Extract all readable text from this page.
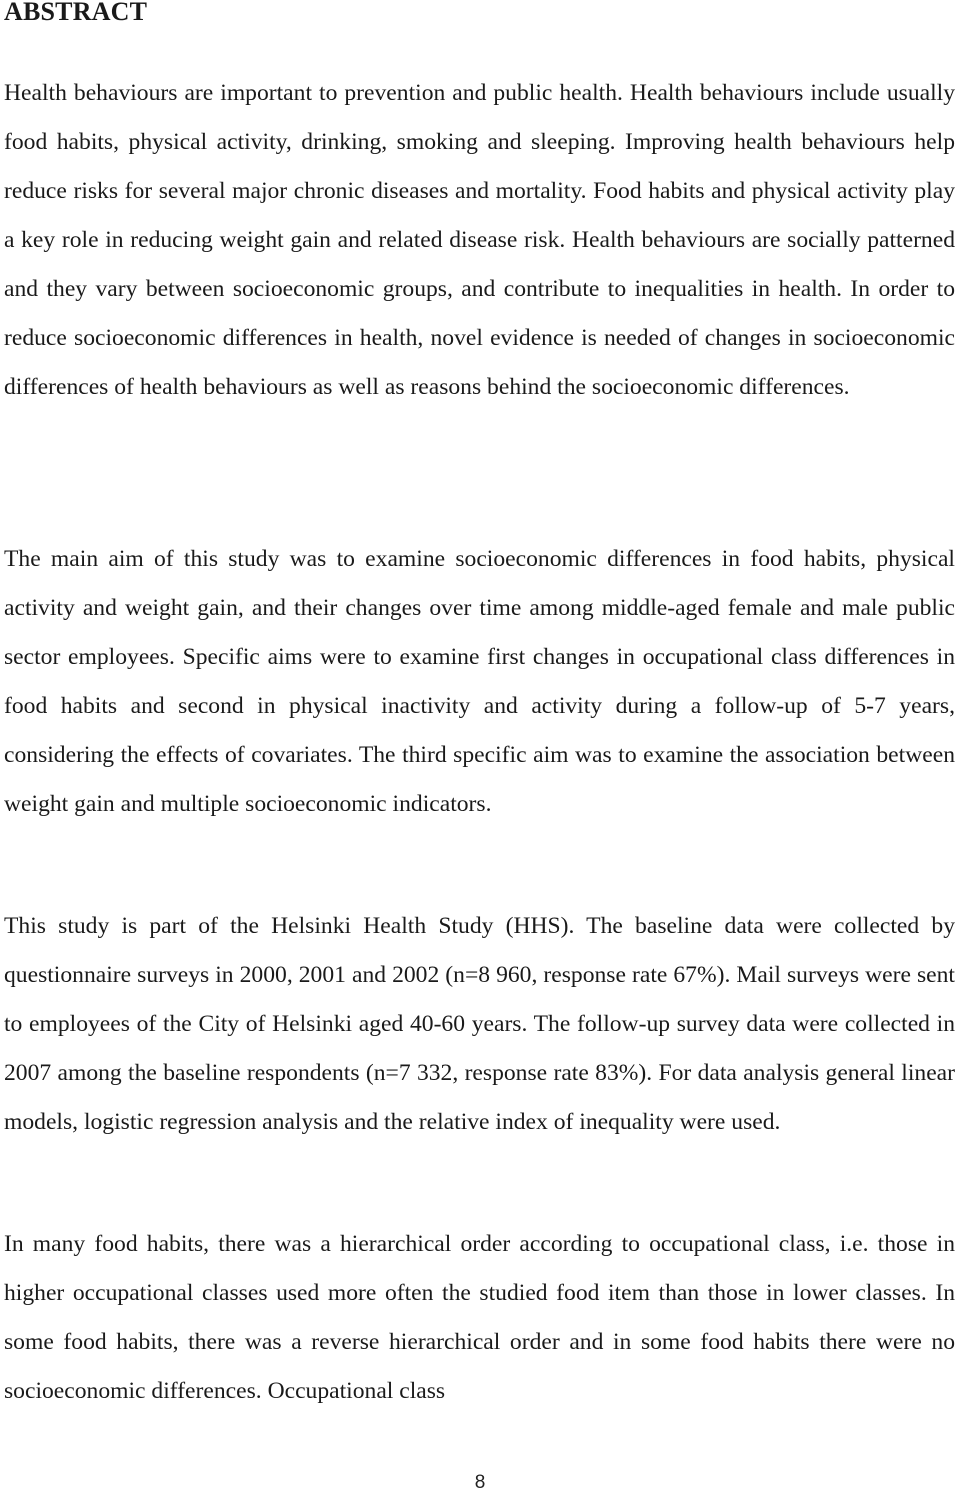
ABSTRACT

Health behaviours are important to prevention and public health. Health behaviours include usually food habits, physical activity, drinking, smoking and sleeping. Improving health behaviours help reduce risks for several major chronic diseases and mortality. Food habits and physical activity play a key role in reducing weight gain and related disease risk. Health behaviours are socially patterned and they vary between socioeconomic groups, and contribute to inequalities in health. In order to reduce socioeconomic differences in health, novel evidence is needed of changes in socioeconomic differences of health behaviours as well as reasons behind the socioeconomic differences.

The main aim of this study was to examine socioeconomic differences in food habits, physical activity and weight gain, and their changes over time among middle-aged female and male public sector employees. Specific aims were to examine first changes in occupational class differences in food habits and second in physical inactivity and activity during a follow-up of 5-7 years, considering the effects of covariates. The third specific aim was to examine the association between weight gain and multiple socioeconomic indicators.

This study is part of the Helsinki Health Study (HHS). The baseline data were collected by questionnaire surveys in 2000, 2001 and 2002 (n=8 960, response rate 67%). Mail surveys were sent to employees of the City of Helsinki aged 40-60 years. The follow-up survey data were collected in 2007 among the baseline respondents (n=7 332, response rate 83%). For data analysis general linear models, logistic regression analysis and the relative index of inequality were used.

In many food habits, there was a hierarchical order according to occupational class, i.e. those in higher occupational classes used more often the studied food item than those in lower classes. In some food habits, there was a reverse hierarchical order and in some food habits there were no socioeconomic differences. Occupational class

8
